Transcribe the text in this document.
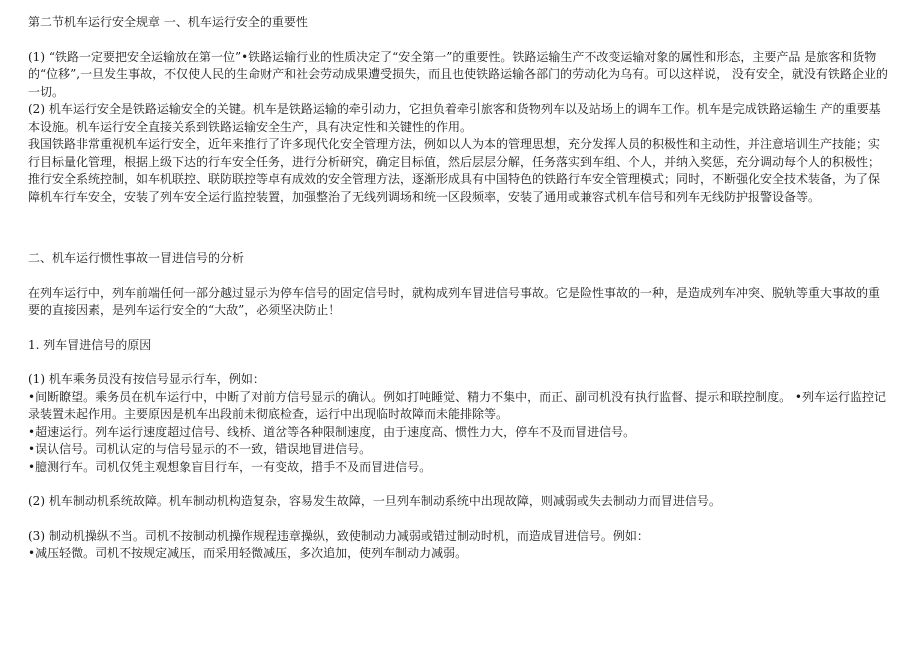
第二节机车运行安全规章 一、机车运行安全的重要性

(1) “铁路一定要把安全运输放在第一位”•铁路运输行业的性质决定了“安全第一”的重要性。铁路运输生产不改变运输对象的属性和形态，主要产品 是旅客和货物的“位移”,一旦发生事故，不仅使人民的生命财产和社会劳动成果遭受损失，而且也使铁路运输各部门的劳动化为乌有。可以这样说， 没有安全，就没有铁路企业的一切。

(2) 机车运行安全是铁路运输安全的关键。机车是铁路运输的牵引动力，它担负着牵引旅客和货物列车以及站场上的调车工作。机车是完成铁路运输生 产的重要基本设施。机车运行安全直接关系到铁路运输安全生产，具有决定性和关键性的作用。

我国铁路非常重视机车运行安全，近年来推行了许多现代化安全管理方法，例如以人为本的管理思想，充分发挥人员的积极性和主动性，并注意培训生产技能；实行目标量化管理，根据上级下达的行车安全任务，进行分析研究，确定目标值，然后层层分解，任务落实到车组、个人，并纳入奖惩，充分调动每个人的积极性；推行安全系统控制，如车机联控、联防联控等卓有成效的安全管理方法，逐渐形成具有中国特色的铁路行车安全管理模式；同时，不断强化安全技术装备，为了保障机车行车安全，安装了列车安全运行监控装置，加强整治了无线列调场和统一区段频率，安装了通用或兼容式机车信号和列车无线防护报警设备等。

二、机车运行惯性事故一冒进信号的分析

在列车运行中，列车前端任何一部分越过显示为停车信号的固定信号时，就构成列车冒进信号事故。它是险性事故的一种，是造成列车冲突、脱轨等重大事故的重要的直接因素，是列车运行安全的“大敌”，必须坚决防止！

1. 列车冒进信号的原因

(1) 机车乘务员没有按信号显示行车，例如：

•间断瞭望。乘务员在机车运行中，中断了对前方信号显示的确认。例如打吨睡觉、精力不集中，而正、副司机没有执行监督、提示和联控制度。 •列车运行监控记录装置未起作用。主要原因是机车出段前未彻底检查，运行中出现临时故障而未能排除等。

•超速运行。列车运行速度超过信号、线桥、道岔等各种限制速度，由于速度高、惯性力大，停车不及而冒进信号。

•误认信号。司机认定的与信号显示的不一致，错误地冒进信号。

•臆测行车。司机仅凭主观想象盲目行车，一有变故，措手不及而冒进信号。

(2) 机车制动机系统故障。机车制动机构造复杂，容易发生故障，一旦列车制动系统中出现故障，则减弱或失去制动力而冒进信号。

(3) 制动机操纵不当。司机不按制动机操作规程违章操纵，致使制动力减弱或错过制动时机，而造成冒进信号。例如：

•减压轻微。司机不按规定减压，而采用轻微减压，多次追加，使列车制动力减弱。
